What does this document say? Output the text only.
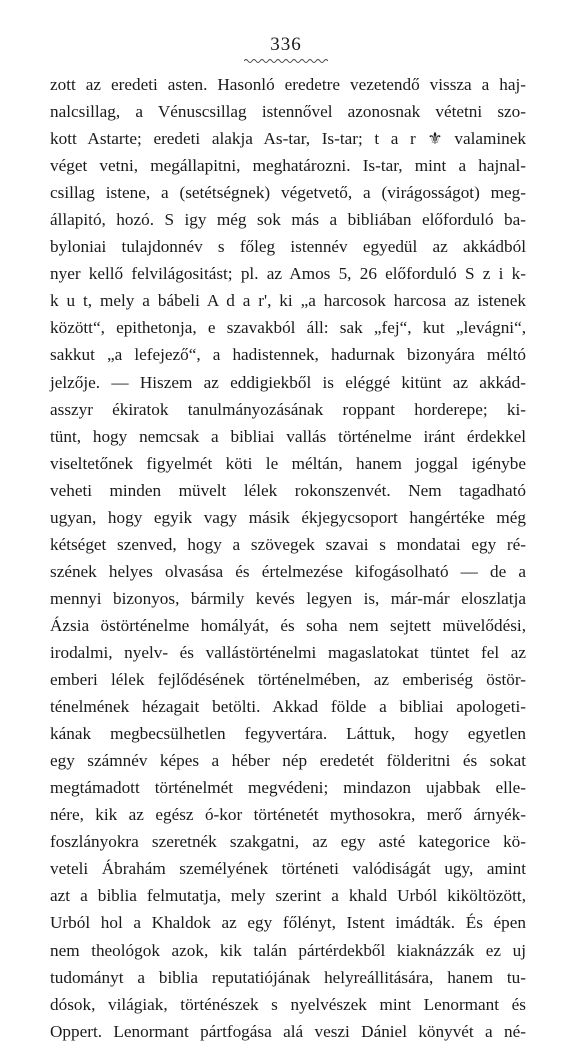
336
zott az eredeti asten. Hasonló eredetre vezetendő vissza a haj-
nalcsillag, a Vénuscsillag istennővel azonosnak vétetni szo-
kott Astarte; eredeti alakja As-tar, Is-tar; t a r ⚜ valaminek
véget vetni, megállapitni, meghatározni. Is-tar, mint a hajnal-
csillag istene, a (setétségnek) végetvető, a (virágosságot) meg-
állapitó, hozó. S igy még sok más a bibliában előforduló ba-
byloniai tulajdonnév s főleg istennév egyedül az akkádból
nyer kellő felvilágositást; pl. az Amos 5, 26 előforduló S z i k-
k u t, mely a bábeli A d a r', ki „a harcosok harcosa az istenek
között“, epithetonja, e szavakból áll: sak „fej“, kut „levágni“,
sakkut „a lefejező“, a hadistennek, hadurnak bizonyára méltó
jelzője. — Hiszem az eddigiekből is eléggé kitünt az akkád-
asszyr ékiratok tanulmányozásának roppant horderepe; ki-
tünt, hogy nemcsak a bibliai vallás történelme iránt érdekkel
viseltetőnek figyelmét köti le méltán, hanem joggal igénybe
veheti minden müvelt lélek rokonszenvét. Nem tagadható
ugyan, hogy egyik vagy másik ékjegycsoport hangértéke még
kétséget szenved, hogy a szövegek szavai s mondatai egy ré-
szének helyes olvasása és értelmezése kifogásolható — de a
mennyi bizonyos, bármily kevés legyen is, már-már eloszlatja
Ázsia östörténelme homályát, és soha nem sejtett müvelődési,
irodalmi, nyelv- és vallástörténelmi magaslatokat tüntet fel az
emberi lélek fejlődésének történelmében, az emberiség östör-
ténelmének hézagait betölti. Akkad földe a bibliai apologeti-
kának megbecsülhetlen fegyvertára. Láttuk, hogy egyetlen
egy számnév képes a héber nép eredetét földeritni és sokat
megtámadott történelmét megvédeni; mindazon ujabbak elle-
nére, kik az egész ó-kor történetét mythosokra, merő árnyék-
foszlányokra szeretnék szakgatni, az egy asté kategorice kö-
veteli Ábrahám személyének történeti valódiságát ugy, amint
azt a biblia felmutatja, mely szerint a khald Urból kiköltözött,
Urból hol a Khaldok az egy főlényt, Istent imádták. És épen
nem theológok azok, kik talán pártérdekből kiaknázzák ez uj
tudományt a biblia reputatiójának helyreállitására, hanem tu-
dósok, világiak, történészek s nyelvészek mint Lenormant és
Oppert. Lenormant pártfogása alá veszi Dániel könyvét a né-
